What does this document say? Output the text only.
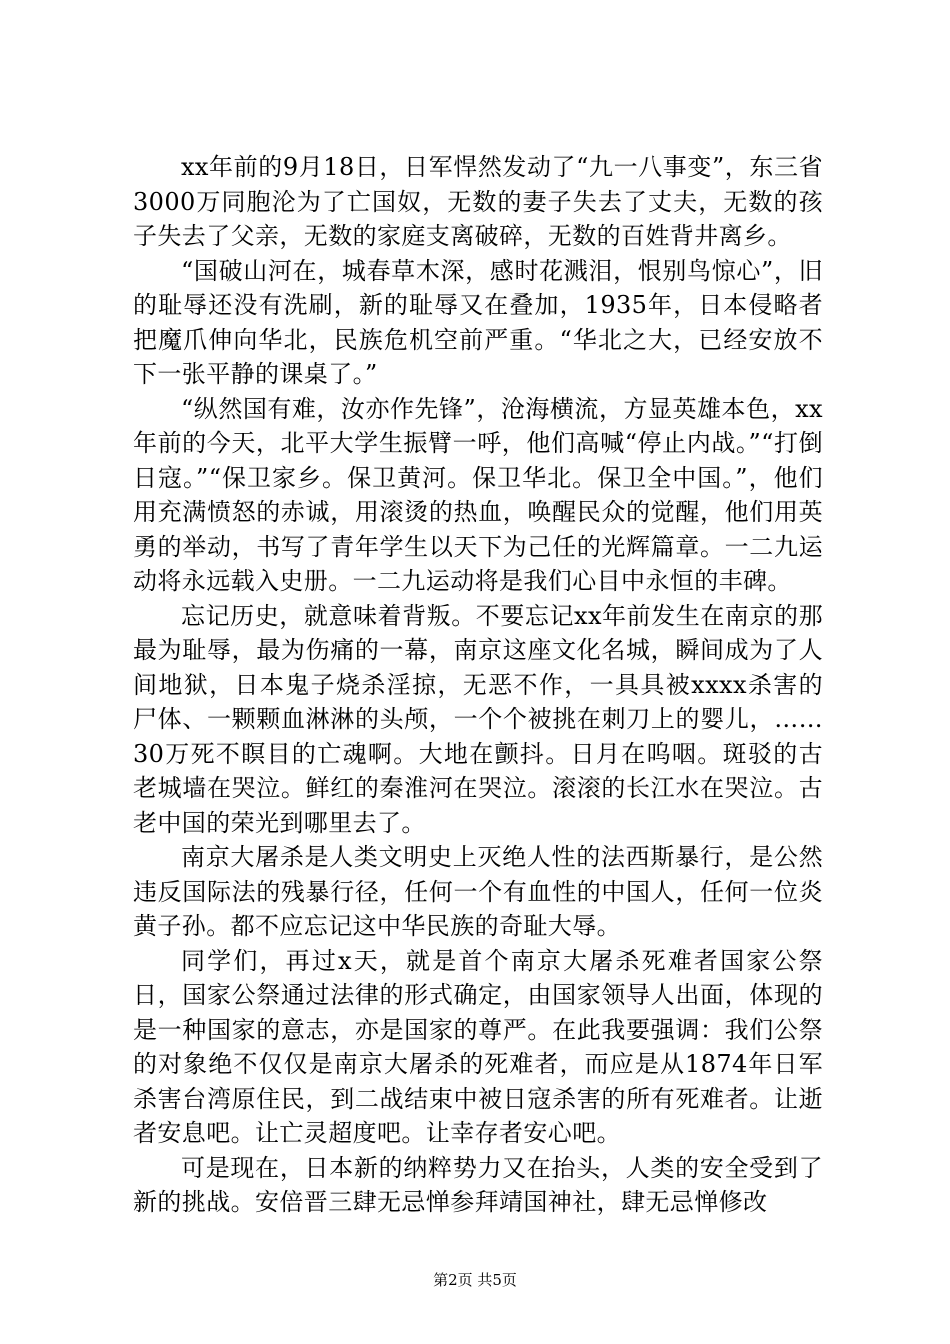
xx年前的9月18日，日军悍然发动了“九一八事变”，东三省3000万同胞沦为了亡国奴，无数的妻子失去了丈夫，无数的孩子失去了父亲，无数的家庭支离破碎，无数的百姓背井离乡。

“国破山河在，城春草木深，感时花溅泪，恨别鸟惊心”，旧的耻辱还没有洗刷，新的耻辱又在叠加，1935年，日本侵略者把魔爪伸向华北，民族危机空前严重。“华北之大，已经安放不下一张平静的课桌了。”

“纵然国有难，汝亦作先锋”，沧海横流，方显英雄本色，xx年前的今天，北平大学生振臂一呼，他们高喊“停止内战。”“打倒日寇。”“保卫家乡。保卫黄河。保卫华北。保卫全中国。”，他们用充满愤怒的赤诚，用滚烫的热血，唤醒民众的觉醒，他们用英勇的举动，书写了青年学生以天下为己任的光辉篇章。一二九运动将永远载入史册。一二九运动将是我们心目中永恒的丰碑。

忘记历史，就意味着背叛。不要忘记xx年前发生在南京的那最为耻辱，最为伤痛的一幕，南京这座文化名城，瞬间成为了人间地狱，日本鬼子烧杀淫掠，无恶不作，一具具被xxxx杀害的尸体、一颗颗血淋淋的头颅，一个个被挑在刺刀上的婴儿，……30万死不瞑目的亡魂啊。大地在颤抖。日月在呜咽。斑驳的古老城墙在哭泣。鲜红的秦淮河在哭泣。滚滚的长江水在哭泣。古老中国的荣光到哪里去了。

南京大屠杀是人类文明史上灭绝人性的法西斯暴行，是公然违反国际法的残暴行径，任何一个有血性的中国人，任何一位炎黄子孙。都不应忘记这中华民族的奇耻大辱。

同学们，再过x天，就是首个南京大屠杀死难者国家公祭日，国家公祭通过法律的形式确定，由国家领导人出面，体现的是一种国家的意志，亦是国家的尊严。在此我要强调：我们公祭的对象绝不仅仅是南京大屠杀的死难者，而应是从1874年日军杀害台湾原住民，到二战结束中被日寇杀害的所有死难者。让逝者安息吧。让亡灵超度吧。让幸存者安心吧。

可是现在，日本新的纳粹势力又在抬头，人类的安全受到了新的挑战。安倍晋三肆无忌惮参拜靖国神社，肆无忌惮修改

第2页 共5页
